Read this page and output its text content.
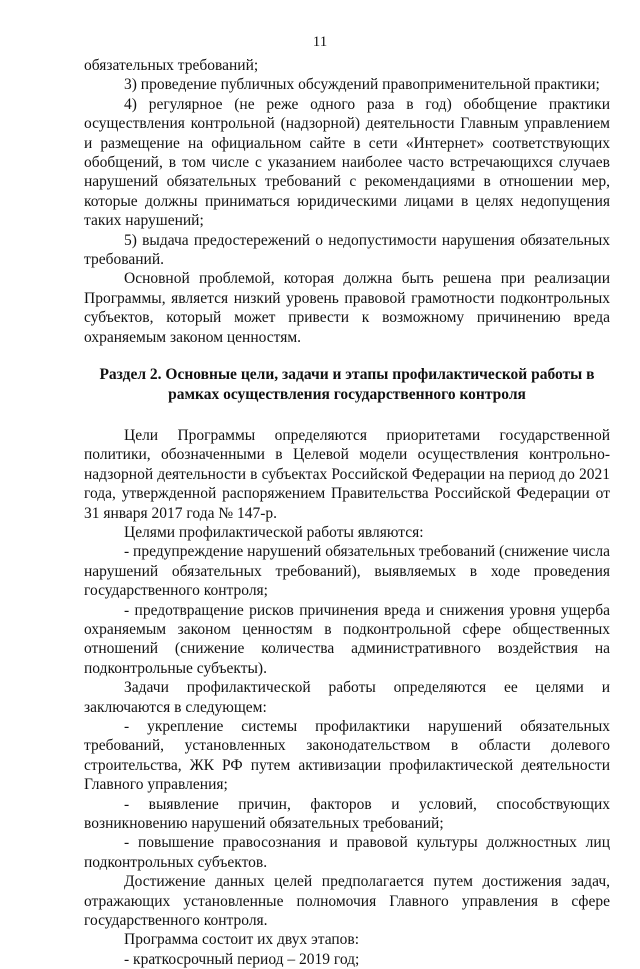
11

обязательных требований;

3) проведение публичных обсуждений правоприменительной практики;

4) регулярное (не реже одного раза в год) обобщение практики осуществления контрольной (надзорной) деятельности Главным управлением и размещение на официальном сайте в сети «Интернет» соответствующих обобщений, в том числе с указанием наиболее часто встречающихся случаев нарушений обязательных требований с рекомендациями в отношении мер, которые должны приниматься юридическими лицами в целях недопущения таких нарушений;

5) выдача предостережений о недопустимости нарушения обязательных требований.

Основной проблемой, которая должна быть решена при реализации Программы, является низкий уровень правовой грамотности подконтрольных субъектов, который может привести к возможному причинению вреда охраняемым законом ценностям.

Раздел 2. Основные цели, задачи и этапы профилактической работы в рамках осуществления государственного контроля

Цели Программы определяются приоритетами государственной политики, обозначенными в Целевой модели осуществления контрольно-надзорной деятельности в субъектах Российской Федерации на период до 2021 года, утвержденной распоряжением Правительства Российской Федерации от 31 января 2017 года № 147-р.

Целями профилактической работы являются:

- предупреждение нарушений обязательных требований (снижение числа нарушений обязательных требований), выявляемых в ходе проведения государственного контроля;

- предотвращение рисков причинения вреда и снижения уровня ущерба охраняемым законом ценностям в подконтрольной сфере общественных отношений (снижение количества административного воздействия на подконтрольные субъекты).

Задачи профилактической работы определяются ее целями и заключаются в следующем:

- укрепление системы профилактики нарушений обязательных требований, установленных законодательством в области долевого строительства, ЖК РФ путем активизации профилактической деятельности Главного управления;

- выявление причин, факторов и условий, способствующих возникновению нарушений обязательных требований;

- повышение правосознания и правовой культуры должностных лиц подконтрольных субъектов.

Достижение данных целей предполагается путем достижения задач, отражающих установленные полномочия Главного управления в сфере государственного контроля.

Программа состоит их двух этапов:

- краткосрочный период – 2019 год;
